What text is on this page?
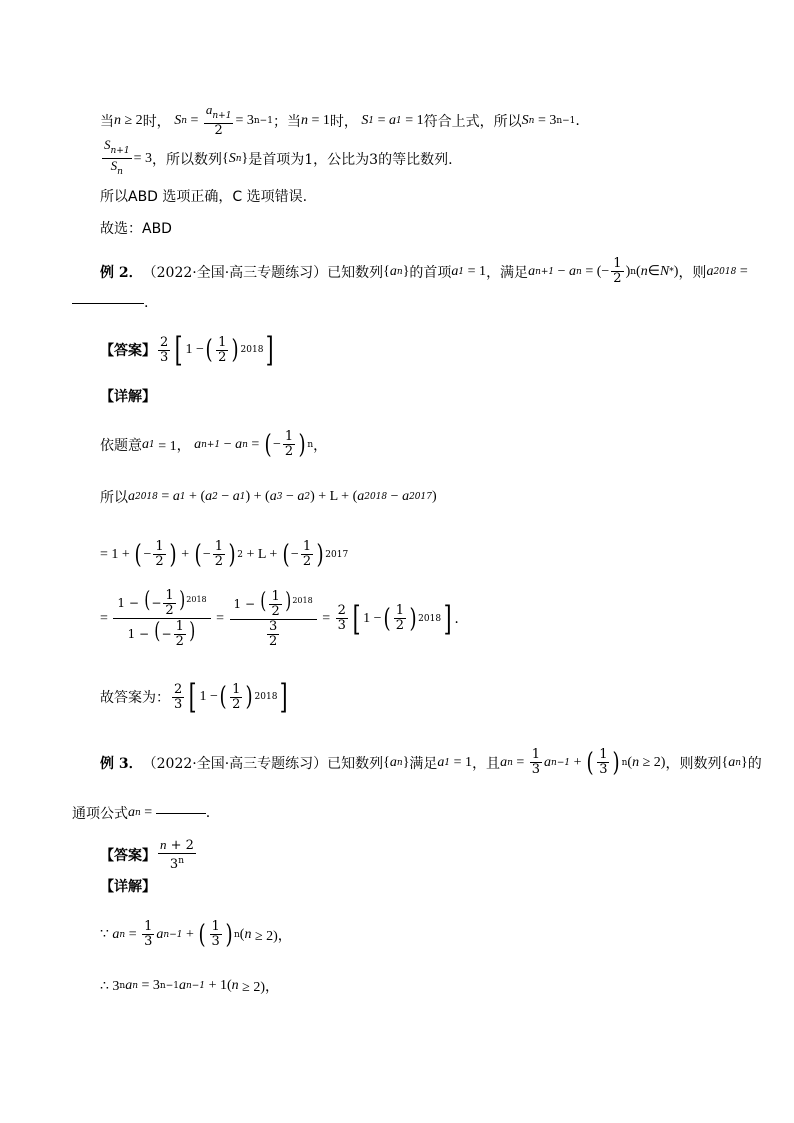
当 n ≥ 2 时， S $n = \frac{a_{n+1}}{2} = 3$ n−1 ；当 n = 1 时， S 1 = a 1 = 1 符合上式，所以 S n = 3 n−1 .
$\frac{S_{n+1}}{S_n} = 3$ ，所以数列 { S n } 是首项为1，公比为3的等比数列.
所以ABD 选项正确，C 选项错误.
故选：ABD
例 2． （2022·全国·高三专题练习） 已知数列 { a n } 的首项 a 1 = 1 ，满足 a n+1 − a n = (− $\frac{1}{2}$ ) n ( n ∈ N * ) ，则 a 2018 =
.
【答案】 $\frac{2}{3}$ [ 1 − ( $\frac{1}{2}$ ) 2018 ]
【详解】
依题意 a 1 = 1， a n+1 − a n = ( − $\frac{1}{2}$ ) n ，
所以 a 2018 = a 1 + ( a 2 − a 1 ) + ( a 3 − a 2 ) + L + ( a 2018 − a 2017 )
= 1 + ( − $\frac{1}{2}$ ) + ( − $\frac{1}{2}$ ) 2 + L + ( − $\frac{1}{2}$ ) 2017
= $\frac{1 - (- \frac{1}{2} )^{2018}}{1 - (- \frac{1}{2} )} = \frac{1 - ( \frac{1}{2} )^{2018}}{\frac{3}{2}} = \frac{2}{3}$ [ 1 − ( $\frac{1}{2}$ ) 2018 ] .
故答案为： $\frac{2}{3}$ [ 1 − ( $\frac{1}{2}$ ) 2018 ]
例 3． （2022·全国·高三专题练习） 已知数列 { a n } 满足 a 1 = 1 ，且 a $n = \frac{1}{3}$ a n−1 + ( $\frac{1}{3}$ ) n ( n ≥ 2) ，则数列 { a n } 的
通项公式 a n =	.
【答案】 $\frac{n + 2}{3^n}$
【详解】
∵ a $n = \frac{1}{3}$ a n−1 + ( $\frac{1}{3}$ ) n ( n ≥ 2)，
∴ 3 n a n = 3 n−1 a n−1 + 1( n ≥ 2)，
